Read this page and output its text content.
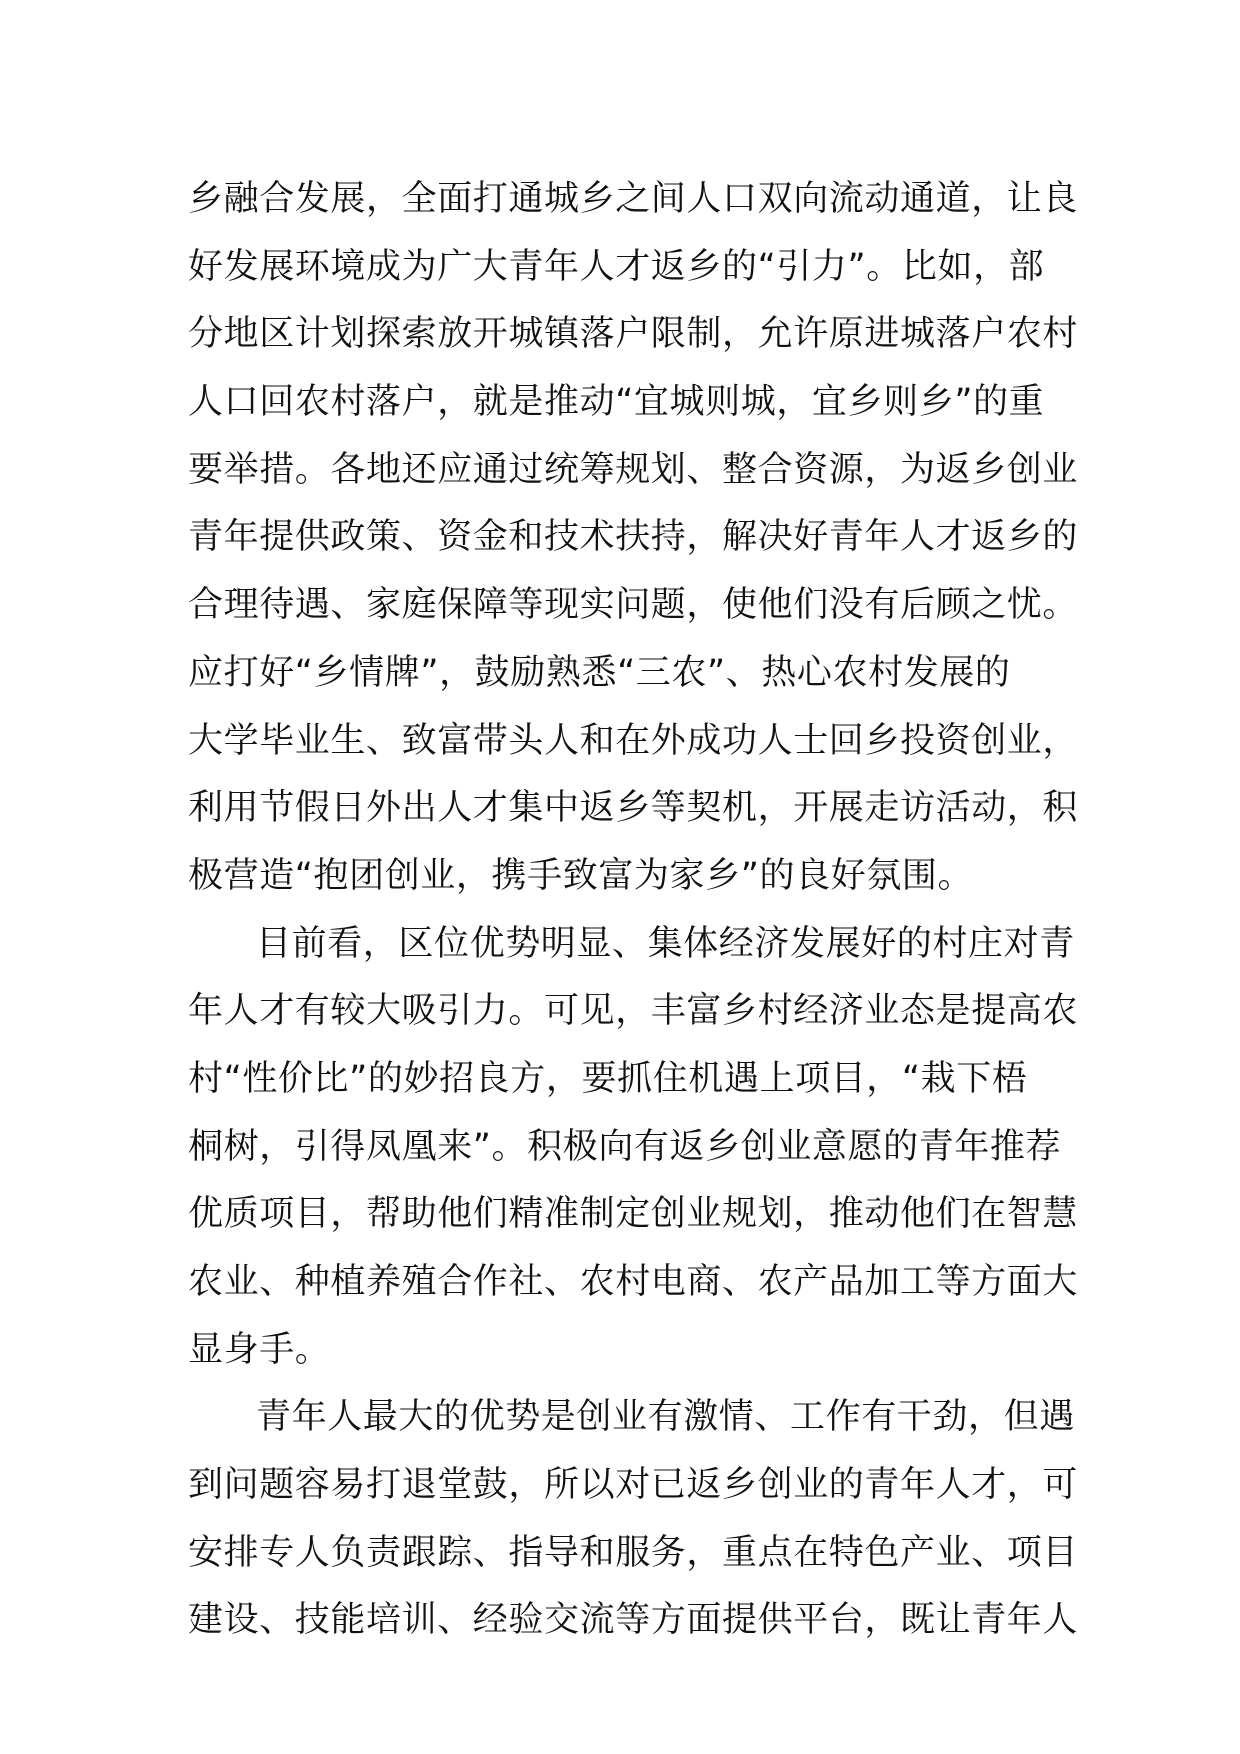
乡融合发展，全面打通城乡之间人口双向流动通道，让良
好发展环境成为广大青年人才返乡的“引力”。比如，部
分地区计划探索放开城镇落户限制，允许原进城落户农村
人口回农村落户，就是推动“宜城则城，宜乡则乡”的重
要举措。各地还应通过统筹规划、整合资源，为返乡创业
青年提供政策、资金和技术扶持，解决好青年人才返乡的
合理待遇、家庭保障等现实问题，使他们没有后顾之忧。
应打好“乡情牌”，鼓励熟悉“三农”、热心农村发展的
大学毕业生、致富带头人和在外成功人士回乡投资创业，
利用节假日外出人才集中返乡等契机，开展走访活动，积
极营造“抱团创业，携手致富为家乡”的良好氛围。
目前看，区位优势明显、集体经济发展好的村庄对青
年人才有较大吸引力。可见，丰富乡村经济业态是提高农
村“性价比”的妙招良方，要抓住机遇上项目，“栽下梧
桐树，引得凤凰来”。积极向有返乡创业意愿的青年推荐
优质项目，帮助他们精准制定创业规划，推动他们在智慧
农业、种植养殖合作社、农村电商、农产品加工等方面大
显身手。
青年人最大的优势是创业有激情、工作有干劲，但遇
到问题容易打退堂鼓，所以对已返乡创业的青年人才，可
安排专人负责跟踪、指导和服务，重点在特色产业、项目
建设、技能培训、经验交流等方面提供平台，既让青年人
